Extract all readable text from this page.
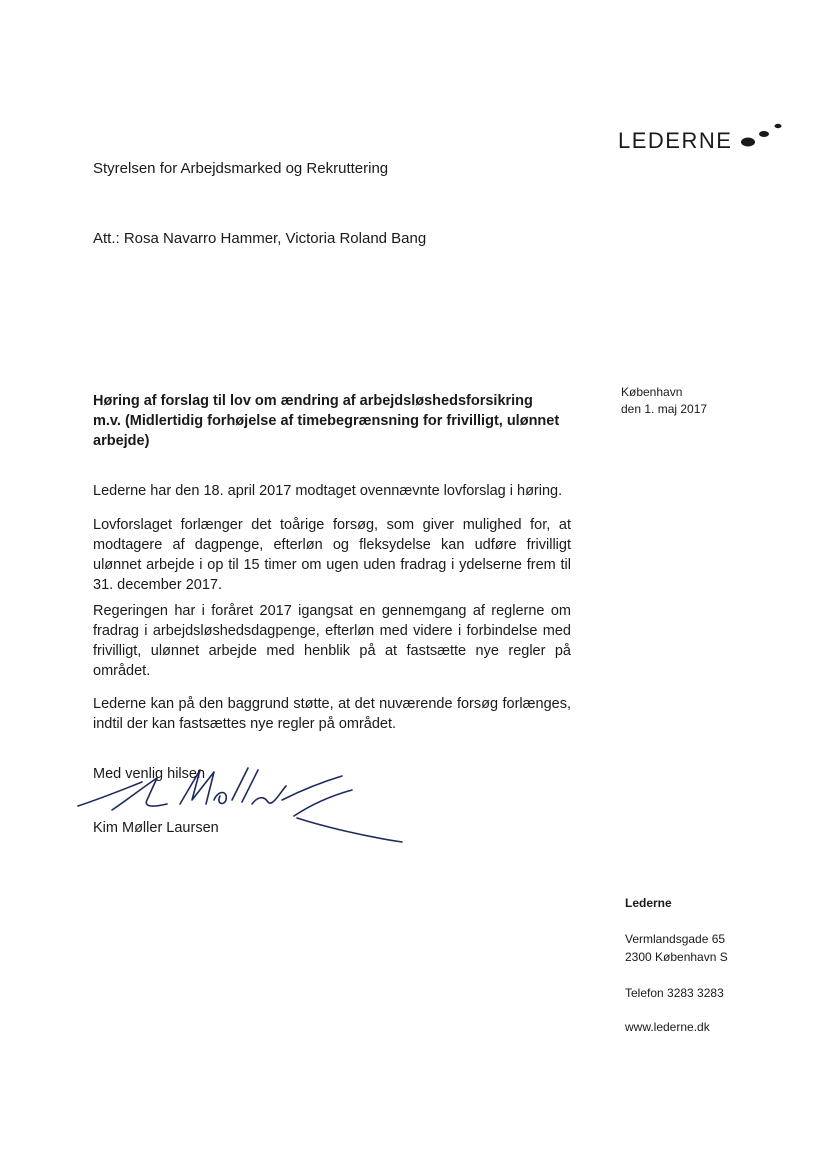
LEDERNE
Styrelsen for Arbejdsmarked og Rekruttering
Att.: Rosa Navarro Hammer, Victoria Roland Bang
Høring af forslag til lov om ændring af arbejdsløshedsforsikring m.v. (Midlertidig forhøjelse af timebegrænsning for frivilligt, ulønnet arbejde)
København
den 1. maj 2017

Lederne har den 18. april 2017 modtaget ovennævnte lovforslag i høring.

Lovforslaget forlænger det toårige forsøg, som giver mulighed for, at modtagere af dagpenge, efterløn og fleksydelse kan udføre frivilligt ulønnet arbejde i op til 15 timer om ugen uden fradrag i ydelserne frem til 31. december 2017.

Regeringen har i foråret 2017 igangsat en gennemgang af reglerne om fradrag i arbejdsløshedsdagpenge, efterløn med videre i forbindelse med frivilligt, ulønnet arbejde med henblik på at fastsætte nye regler på området.

Lederne kan på den baggrund støtte, at det nuværende forsøg forlænges, indtil der kan fastsættes nye regler på området.

Med venlig hilsen
Kim Møller Laursen
Lederne
Vermlandsgade 65
2300 København S
Telefon 3283 3283
www.lederne.dk
